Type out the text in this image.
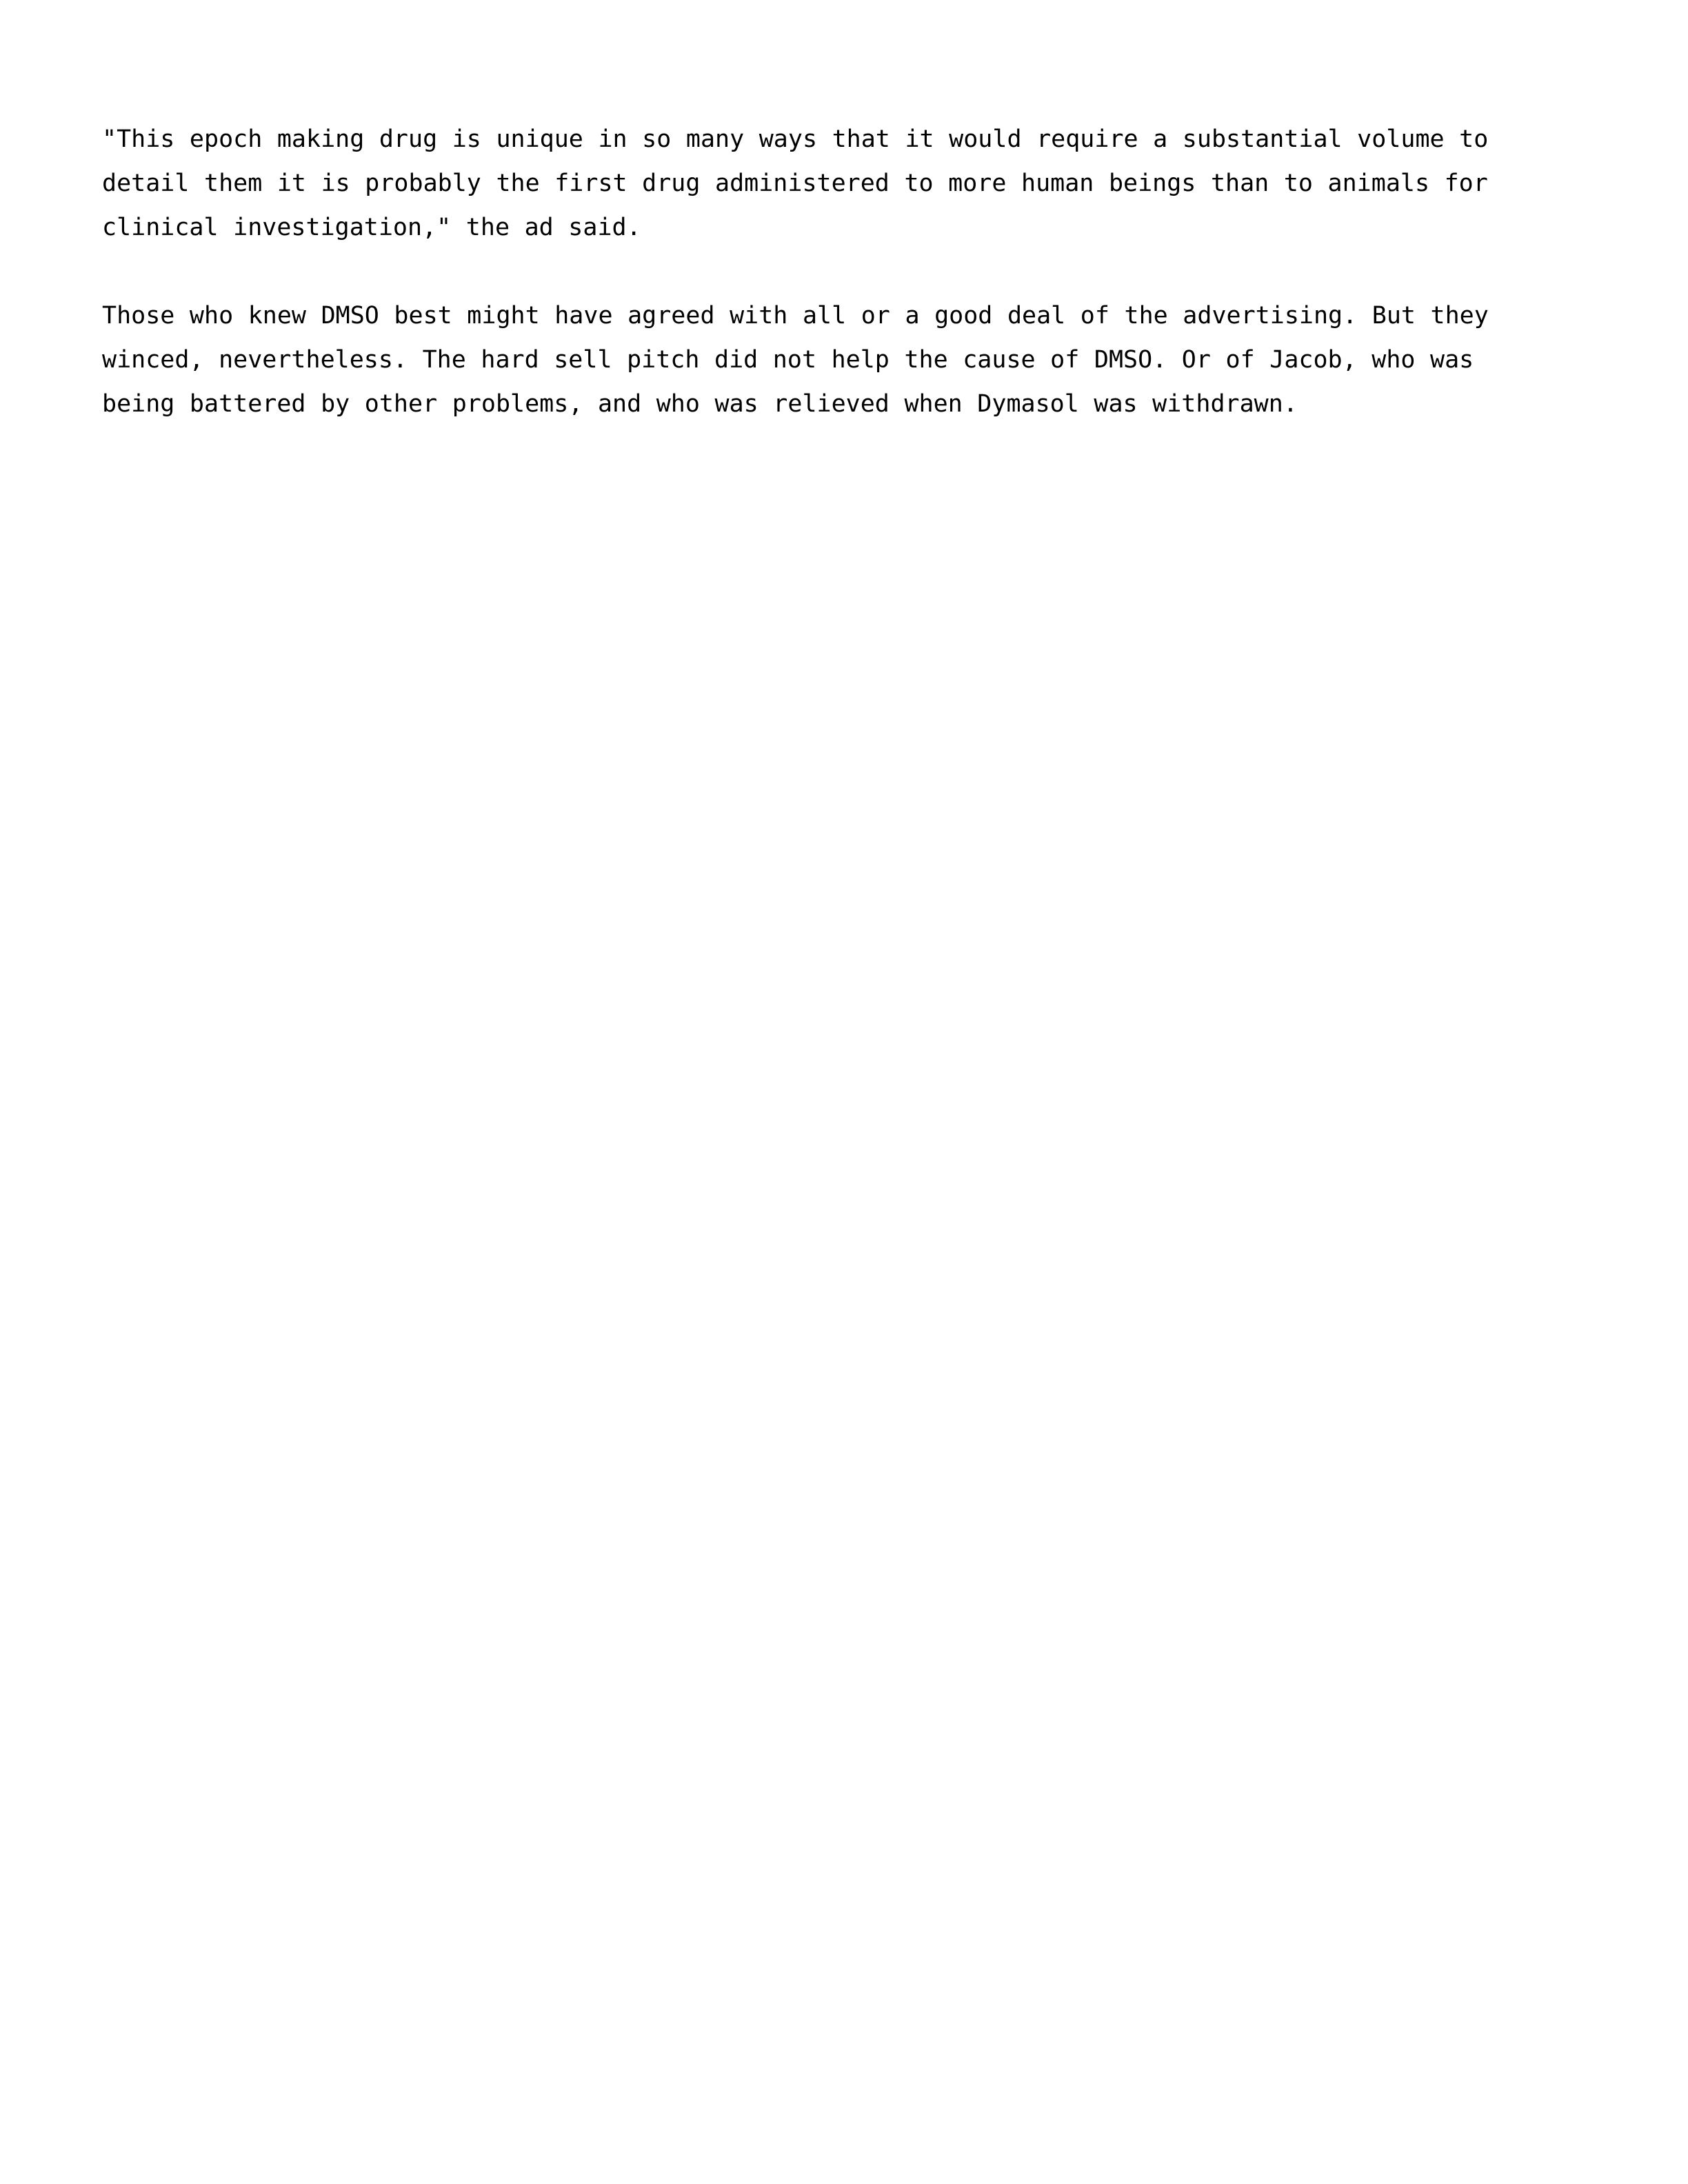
"This epoch making drug is unique in so many ways that it would require a substantial volume to detail them it is probably the first drug administered to more human beings than to animals for clinical investigation," the ad said.

Those who knew DMSO best might have agreed with all or a good deal of the advertising. But they winced, nevertheless. The hard sell pitch did not help the cause of DMSO. Or of Jacob, who was being battered by other problems, and who was relieved when Dymasol was withdrawn.
